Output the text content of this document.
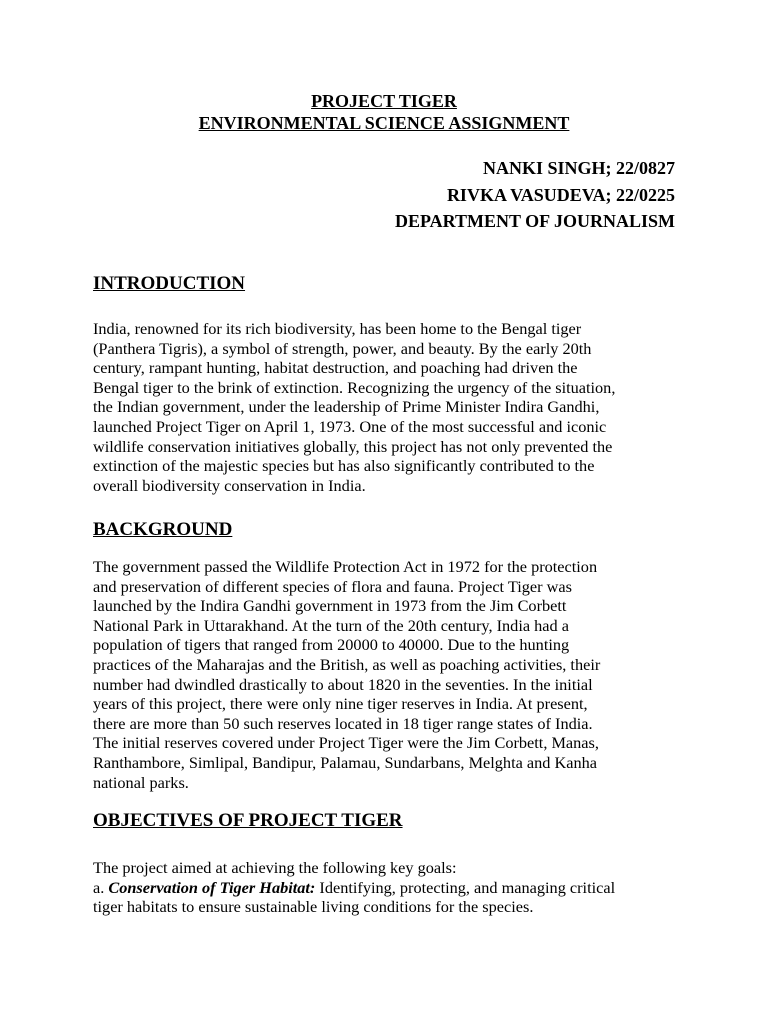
PROJECT TIGER
ENVIRONMENTAL SCIENCE ASSIGNMENT
NANKI SINGH; 22/0827
RIVKA VASUDEVA; 22/0225
DEPARTMENT OF JOURNALISM
INTRODUCTION
India, renowned for its rich biodiversity, has been home to the Bengal tiger
(Panthera Tigris), a symbol of strength, power, and beauty. By the early 20th
century, rampant hunting, habitat destruction, and poaching had driven the
Bengal tiger to the brink of extinction. Recognizing the urgency of the situation,
the Indian government, under the leadership of Prime Minister Indira Gandhi,
launched Project Tiger on April 1, 1973. One of the most successful and iconic
wildlife conservation initiatives globally, this project has not only prevented the
extinction of the majestic species but has also significantly contributed to the
overall biodiversity conservation in India.
BACKGROUND
The government passed the Wildlife Protection Act in 1972 for the protection
and preservation of different species of flora and fauna. Project Tiger was
launched by the Indira Gandhi government in 1973 from the Jim Corbett
National Park in Uttarakhand. At the turn of the 20th century, India had a
population of tigers that ranged from 20000 to 40000. Due to the hunting
practices of the Maharajas and the British, as well as poaching activities, their
number had dwindled drastically to about 1820 in the seventies. In the initial
years of this project, there were only nine tiger reserves in India. At present,
there are more than 50 such reserves located in 18 tiger range states of India.
The initial reserves covered under Project Tiger were the Jim Corbett, Manas,
Ranthambore, Simlipal, Bandipur, Palamau, Sundarbans, Melghta and Kanha
national parks.
OBJECTIVES OF PROJECT TIGER
The project aimed at achieving the following key goals:
a. Conservation of Tiger Habitat: Identifying, protecting, and managing critical
tiger habitats to ensure sustainable living conditions for the species.
